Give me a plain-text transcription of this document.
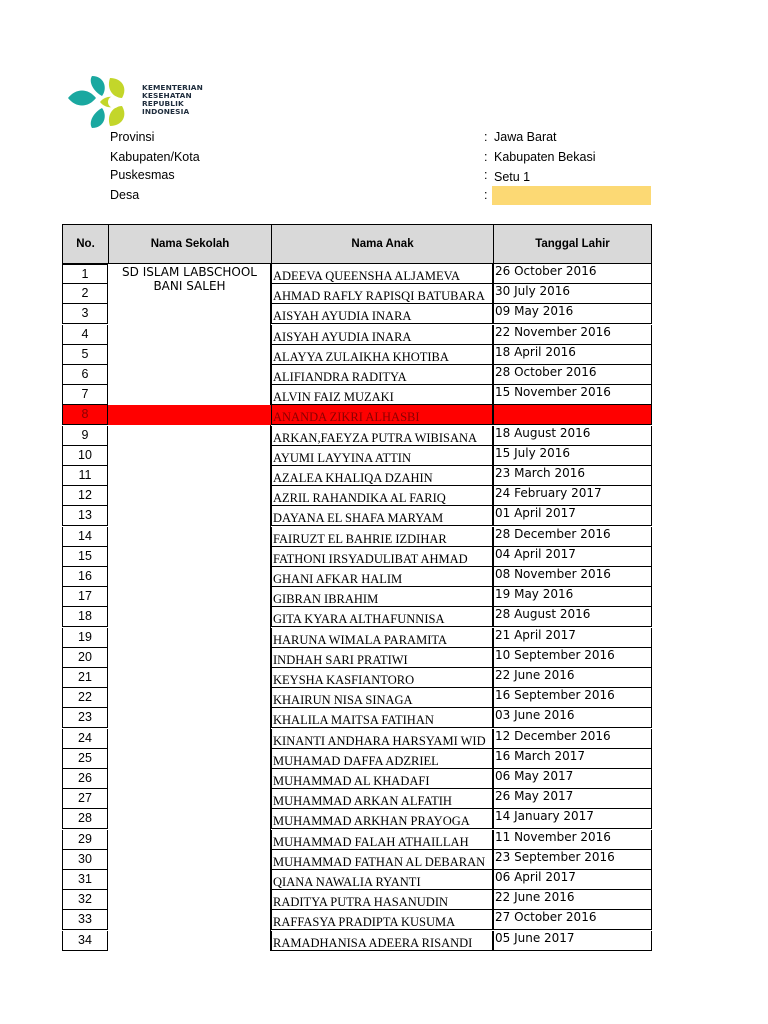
KEMENTERIAN
KESEHATAN
REPUBLIK
INDONESIA
Provinsi	: Jawa Barat
Kabupaten/Kota	: Kabupaten Bekasi
Puskesmas	: Setu 1
Desa	:
No.	Nama Sekolah	Nama Anak	Tanggal Lahir
SD ISLAM LABSCHOOL BANI SALEH
1	ADEEVA QUEENSHA ALJAMEVA	26 October 2016
2	AHMAD RAFLY RAPISQI BATUBARA 30 July 2016
3	AISYAH AYUDIA INARA	09 May 2016
4	AISYAH AYUDIA INARA	22 November 2016
5	ALAYYA ZULAIKHA KHOTIBA	18 April 2016
6	ALIFIANDRA RADITYA	28 October 2016
7	ALVIN FAIZ MUZAKI	15 November 2016
8	ANANDA ZIKRI ALHASBI
9	ARKAN,FAEYZA PUTRA WIBISANA	18 August 2016
10	AYUMI LAYYINA ATTIN	15 July 2016
11	AZALEA KHALIQA DZAHIN	23 March 2016
12	AZRIL RAHANDIKA AL FARIQ	24 February 2017
13	DAYANA EL SHAFA MARYAM	01 April 2017
14	FAIRUZT EL BAHRIE IZDIHAR	28 December 2016
15	FATHONI IRSYADULIBAT AHMAD	04 April 2017
16	GHANI AFKAR HALIM	08 November 2016
17	GIBRAN IBRAHIM	19 May 2016
18	GITA KYARA ALTHAFUNNISA	28 August 2016
19	HARUNA WIMALA PARAMITA	21 April 2017
20	INDHAH SARI PRATIWI	10 September 2016
21	KEYSHA KASFIANTORO	22 June 2016
22	KHAIRUN NISA SINAGA	16 September 2016
23	KHALILA MAITSA FATIHAN	03 June 2016
24	KINANTI ANDHARA HARSYAMI WID 12 December 2016
25	MUHAMAD DAFFA ADZRIEL	16 March 2017
26	MUHAMMAD AL KHADAFI	06 May 2017
27	MUHAMMAD ARKAN ALFATIH	26 May 2017
28	MUHAMMAD ARKHAN PRAYOGA	14 January 2017
29	MUHAMMAD FALAH ATHAILLAH	11 November 2016
30	MUHAMMAD FATHAN AL DEBARAN 23 September 2016
31	QIANA NAWALIA RYANTI	06 April 2017
32	RADITYA PUTRA HASANUDIN	22 June 2016
33	RAFFASYA PRADIPTA KUSUMA	27 October 2016
34	RAMADHANISA ADEERA RISANDI	05 June 2017
